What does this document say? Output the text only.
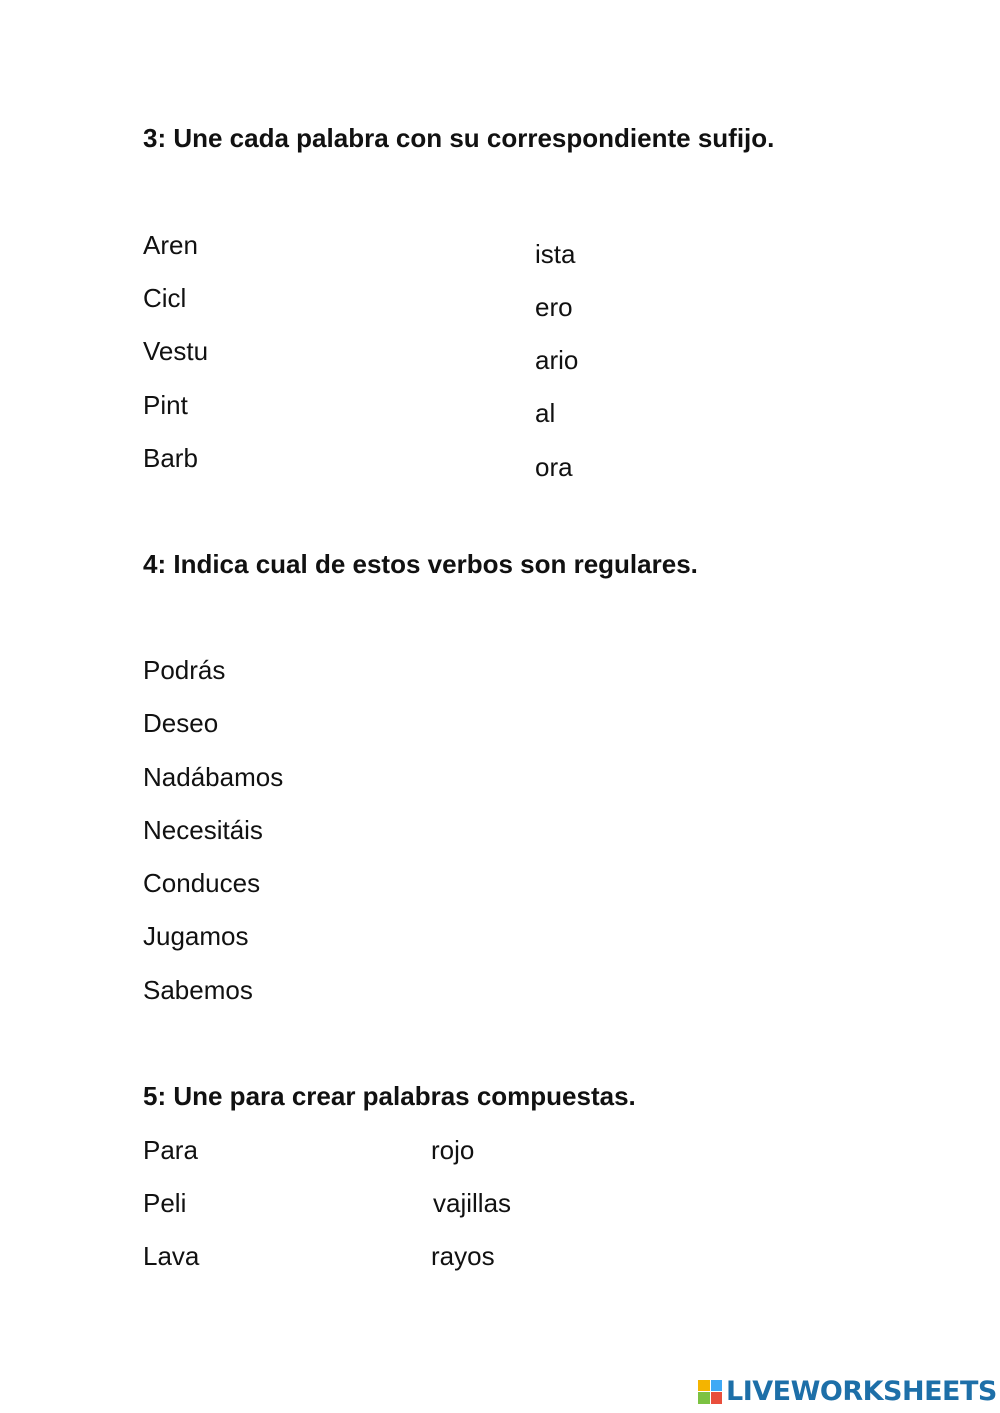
3: Une cada palabra con su correspondiente sufijo.
Aren
Cicl
Vestu
Pint
Barb
ista
ero
ario
al
ora
4: Indica cual de estos verbos son regulares.
Podrás
Deseo
Nadábamos
Necesitáis
Conduces
Jugamos
Sabemos
5: Une para crear palabras compuestas.
Para
Peli
Lava
rojo
vajillas
rayos
LIVEWORKSHEETS
